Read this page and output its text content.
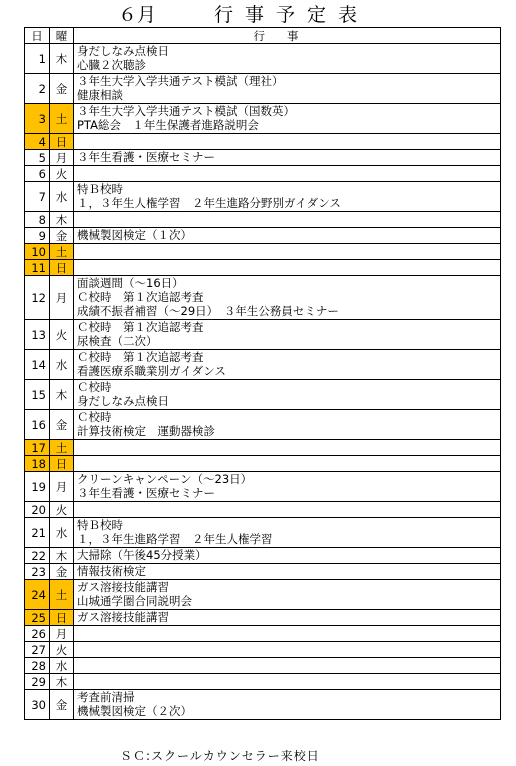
６月	行事予定表
日	曜	行事
1	木	身だしなみ点検日
心臓２次聴診

2	金	３年生大学入学共通テスト模試（理社）
健康相談

3	土	３年生大学入学共通テスト模試（国数英）
PTA総会　１年生保護者進路説明会

4	日	
5	月	３年生看護・医療セミナー

6	火	
7	水	特Ｂ校時
１，３年生人権学習　２年生進路分野別ガイダンス

8	木	
9	金	機械製図検定（１次）

10	土	
11	日	
12	月	面談週間（～16日）
Ｃ校時　第１次追認考査
成績不振者補習（～29日）　３年生公務員セミナー

13	火	Ｃ校時　第１次追認考査
尿検査（二次）

14	水	Ｃ校時　第１次追認考査
看護医療系職業別ガイダンス

15	木	Ｃ校時
身だしなみ点検日

16	金	Ｃ校時
計算技術検定　運動器検診

17	土	
18	日	
19	月	クリーンキャンペーン（～23日）
３年生看護・医療セミナー

20	火	
21	水	特Ｂ校時
１，３年生進路学習　２年生人権学習

22	木	大掃除（午後45分授業）

23	金	情報技術検定

24	土	ガス溶接技能講習
山城通学圏合同説明会

25	日	ガス溶接技能講習

26	月	
27	火	
28	水	
29	木	
30	金	考査前清掃
機械製図検定（２次）
ＳＣ:スクールカウンセラー来校日
